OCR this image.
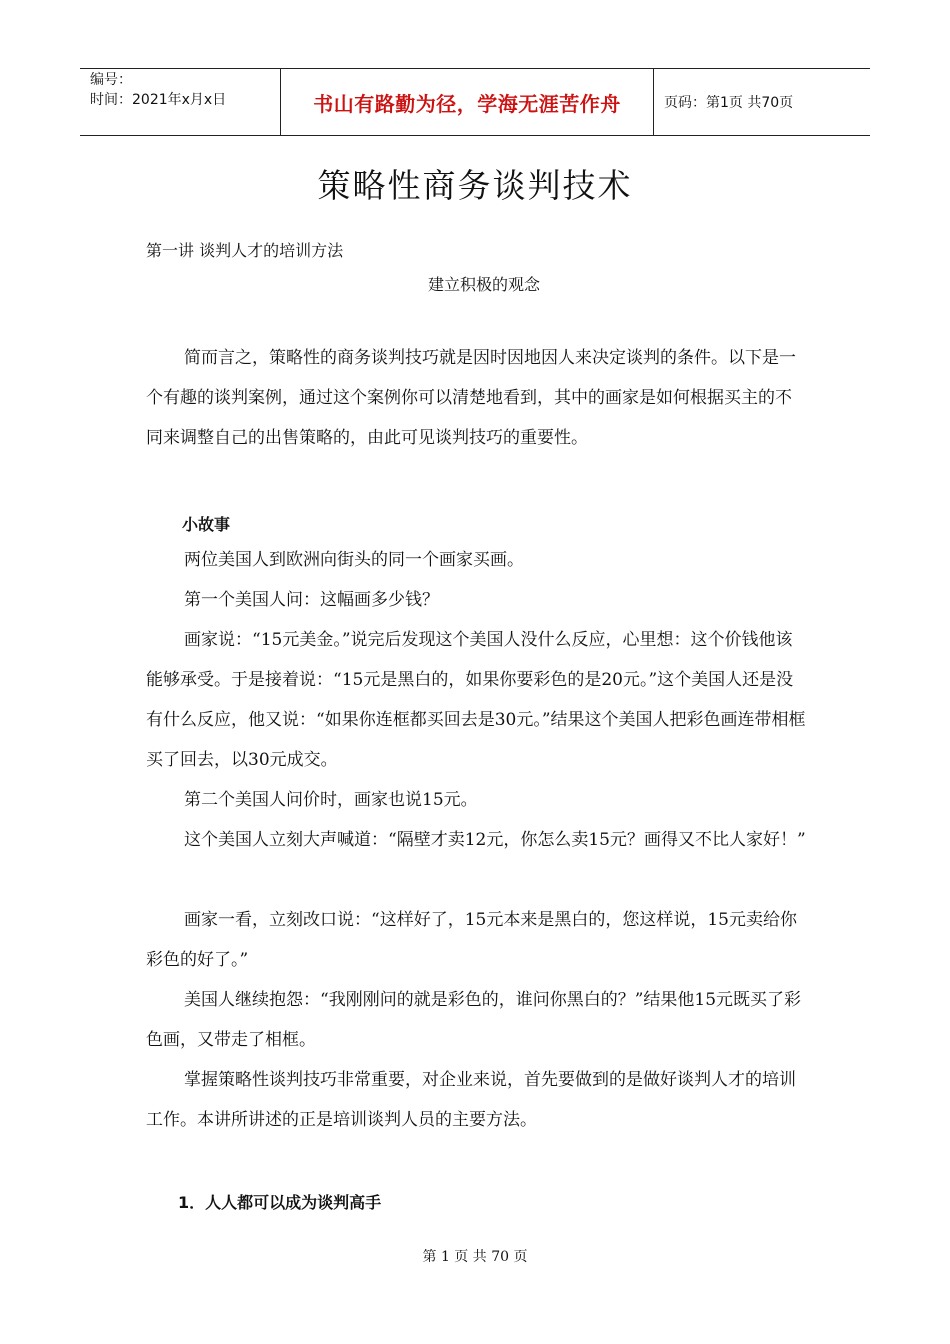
编号：
时间：2021年x月x日	书山有路勤为径，学海无涯苦作舟	页码：第1页 共70页
策略性商务谈判技术
第一讲 谈判人才的培训方法
建立积极的观念

简而言之，策略性的商务谈判技巧就是因时因地因人来决定谈判的条件。以下是一个有趣的谈判案例，通过这个案例你可以清楚地看到，其中的画家是如何根据买主的不同来调整自己的出售策略的，由此可见谈判技巧的重要性。

小故事

两位美国人到欧洲向街头的同一个画家买画。

第一个美国人问：这幅画多少钱？

画家说：“15元美金。”说完后发现这个美国人没什么反应，心里想：这个价钱他该能够承受。于是接着说：“15元是黑白的，如果你要彩色的是20元。”这个美国人还是没有什么反应，他又说：“如果你连框都买回去是30元。”结果这个美国人把彩色画连带相框买了回去，以30元成交。

第二个美国人问价时，画家也说15元。

这个美国人立刻大声喊道：“隔壁才卖12元，你怎么卖15元？画得又不比人家好！”

画家一看，立刻改口说：“这样好了，15元本来是黑白的，您这样说，15元卖给你彩色的好了。”

美国人继续抱怨：“我刚刚问的就是彩色的，谁问你黑白的？”结果他15元既买了彩色画，又带走了相框。

掌握策略性谈判技巧非常重要，对企业来说，首先要做到的是做好谈判人才的培训工作。本讲所讲述的正是培训谈判人员的主要方法。

1．人人都可以成为谈判高手
第 1 页 共 70 页
